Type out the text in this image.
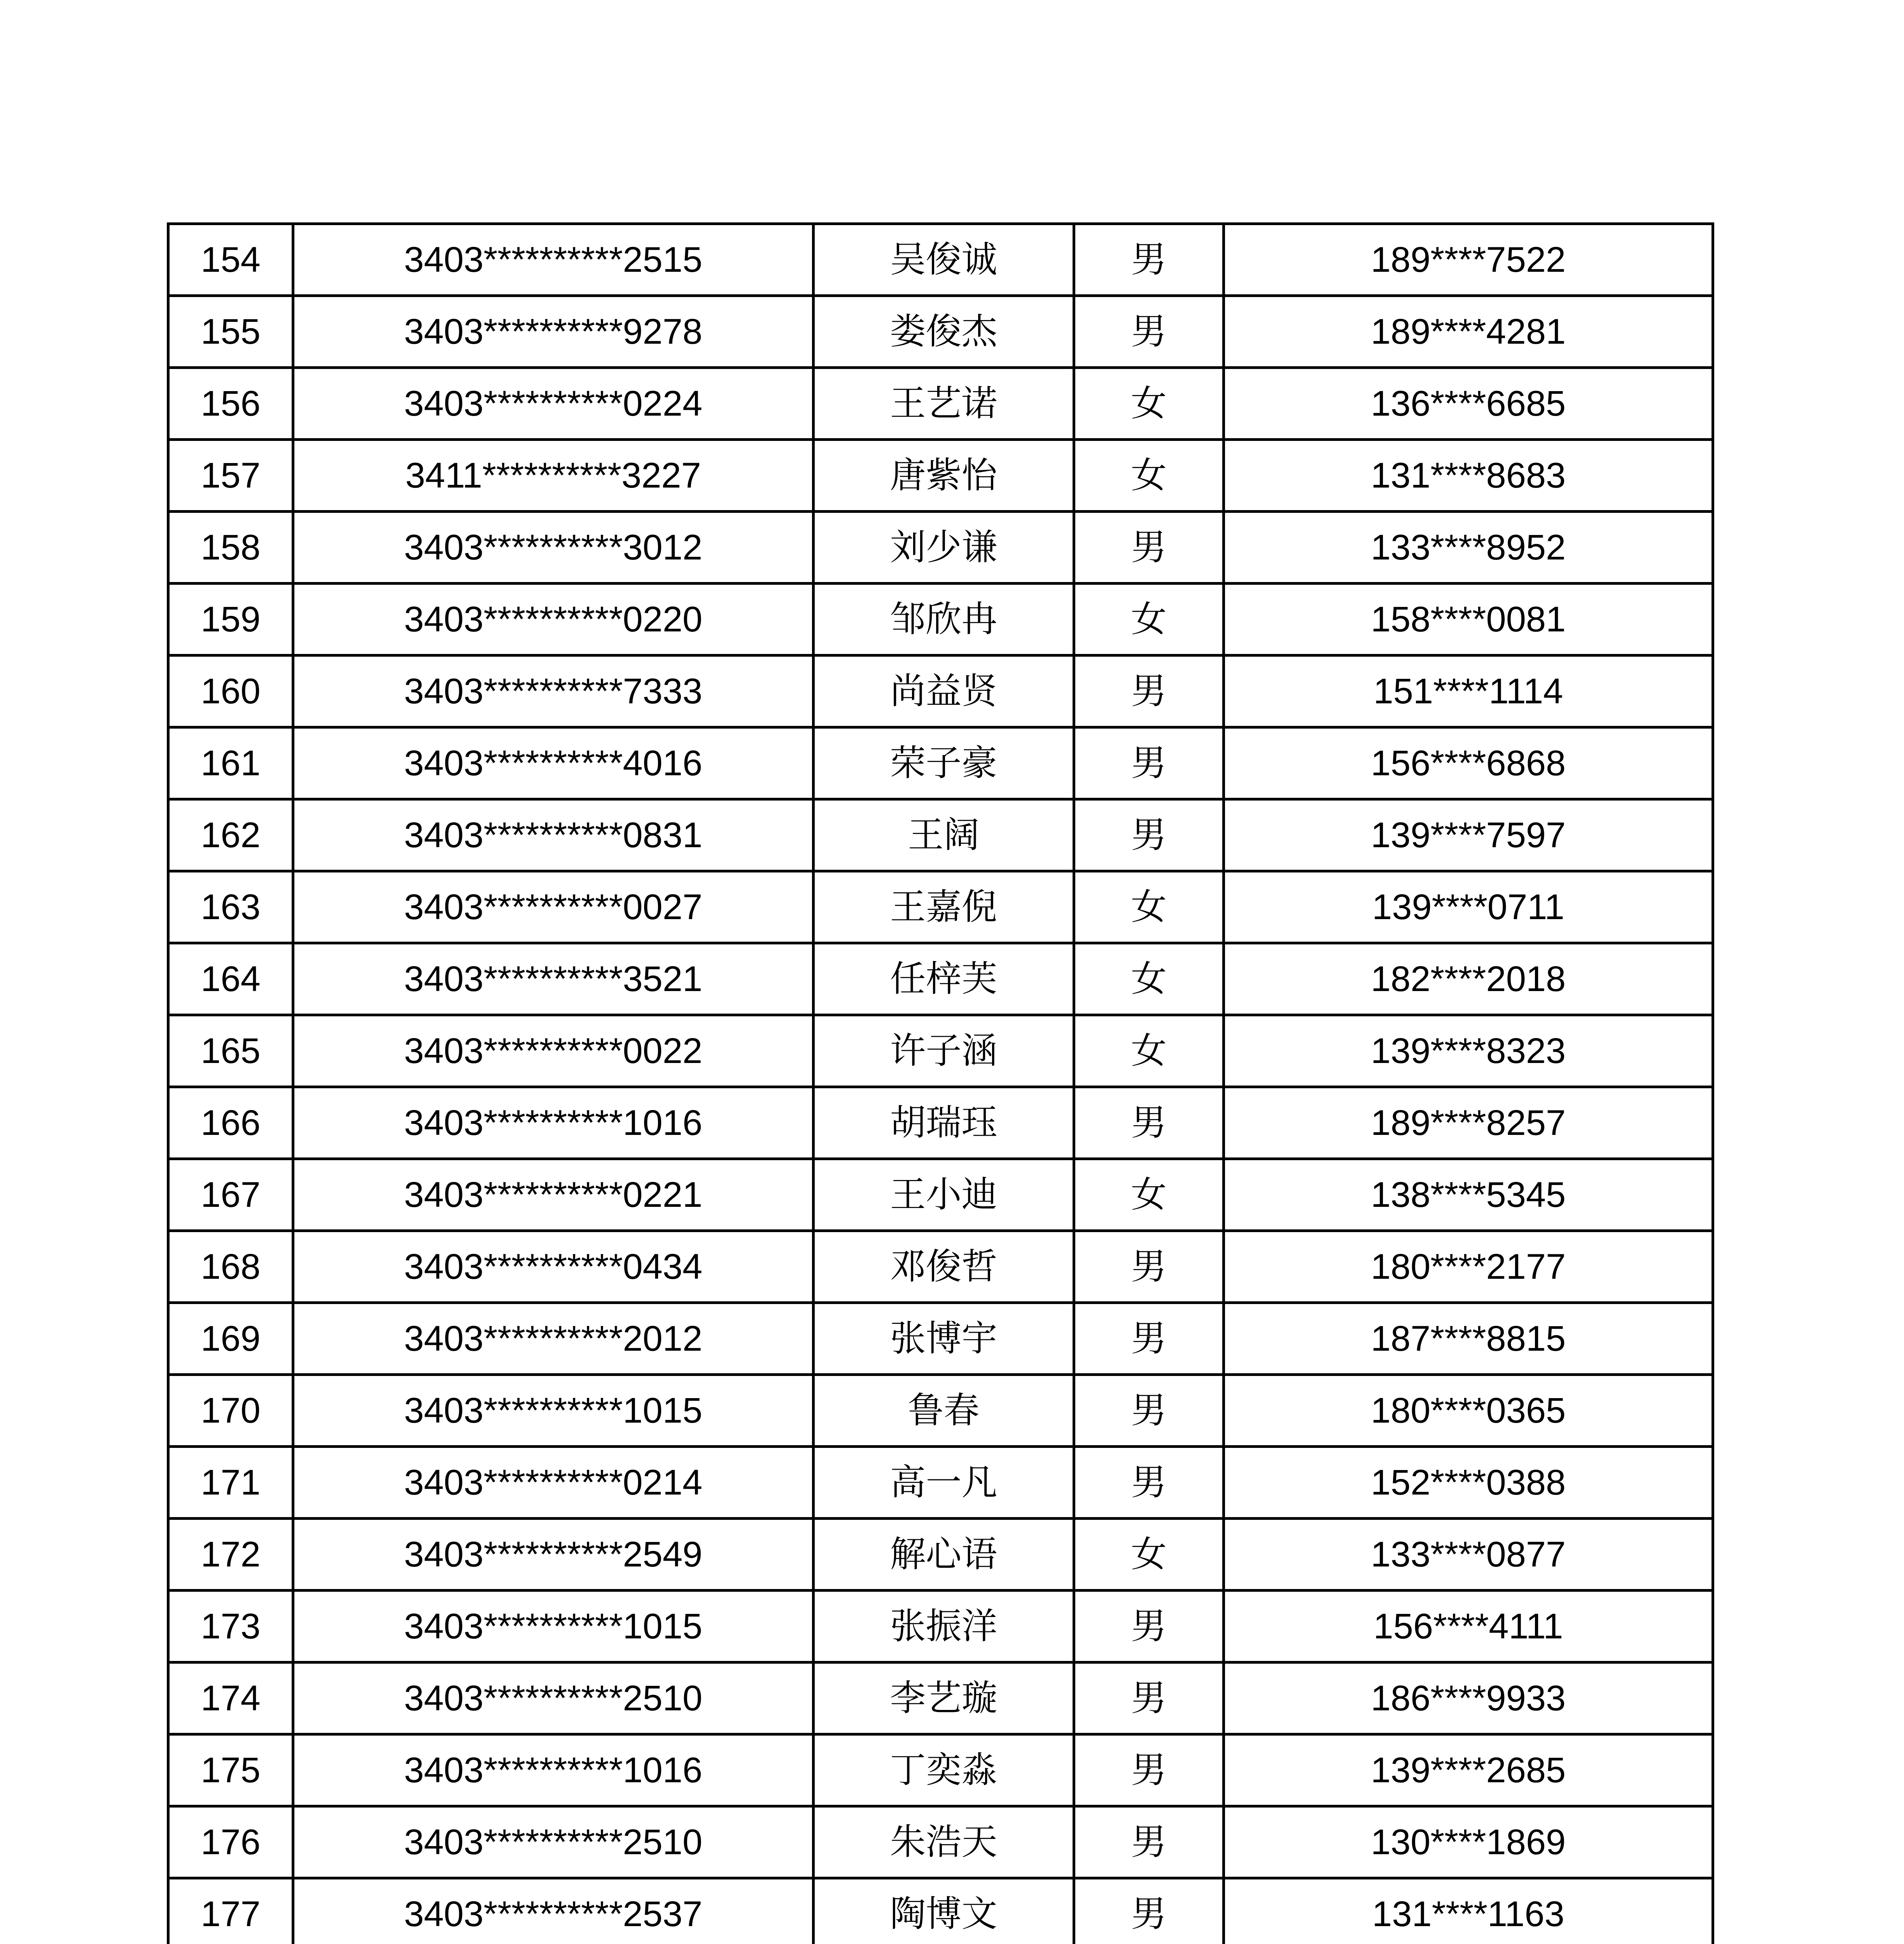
154	3403**********2515	吴俊诚	男	189****7522
155	3403**********9278	娄俊杰	男	189****4281
156	3403**********0224	王艺诺	女	136****6685
157	3411**********3227	唐紫怡	女	131****8683
158	3403**********3012	刘少谦	男	133****8952
159	3403**********0220	邹欣冉	女	158****0081
160	3403**********7333	尚益贤	男	151****1114
161	3403**********4016	荣子豪	男	156****6868
162	3403**********0831	王阔	男	139****7597
163	3403**********0027	王嘉倪	女	139****0711
164	3403**********3521	任梓芙	女	182****2018
165	3403**********0022	许子涵	女	139****8323
166	3403**********1016	胡瑞珏	男	189****8257
167	3403**********0221	王小迪	女	138****5345
168	3403**********0434	邓俊哲	男	180****2177
169	3403**********2012	张博宇	男	187****8815
170	3403**********1015	鲁春	男	180****0365
171	3403**********0214	高一凡	男	152****0388
172	3403**********2549	解心语	女	133****0877
173	3403**********1015	张振洋	男	156****4111
174	3403**********2510	李艺璇	男	186****9933
175	3403**********1016	丁奕淼	男	139****2685
176	3403**********2510	朱浩天	男	130****1869
177	3403**********2537	陶博文	男	131****1163
